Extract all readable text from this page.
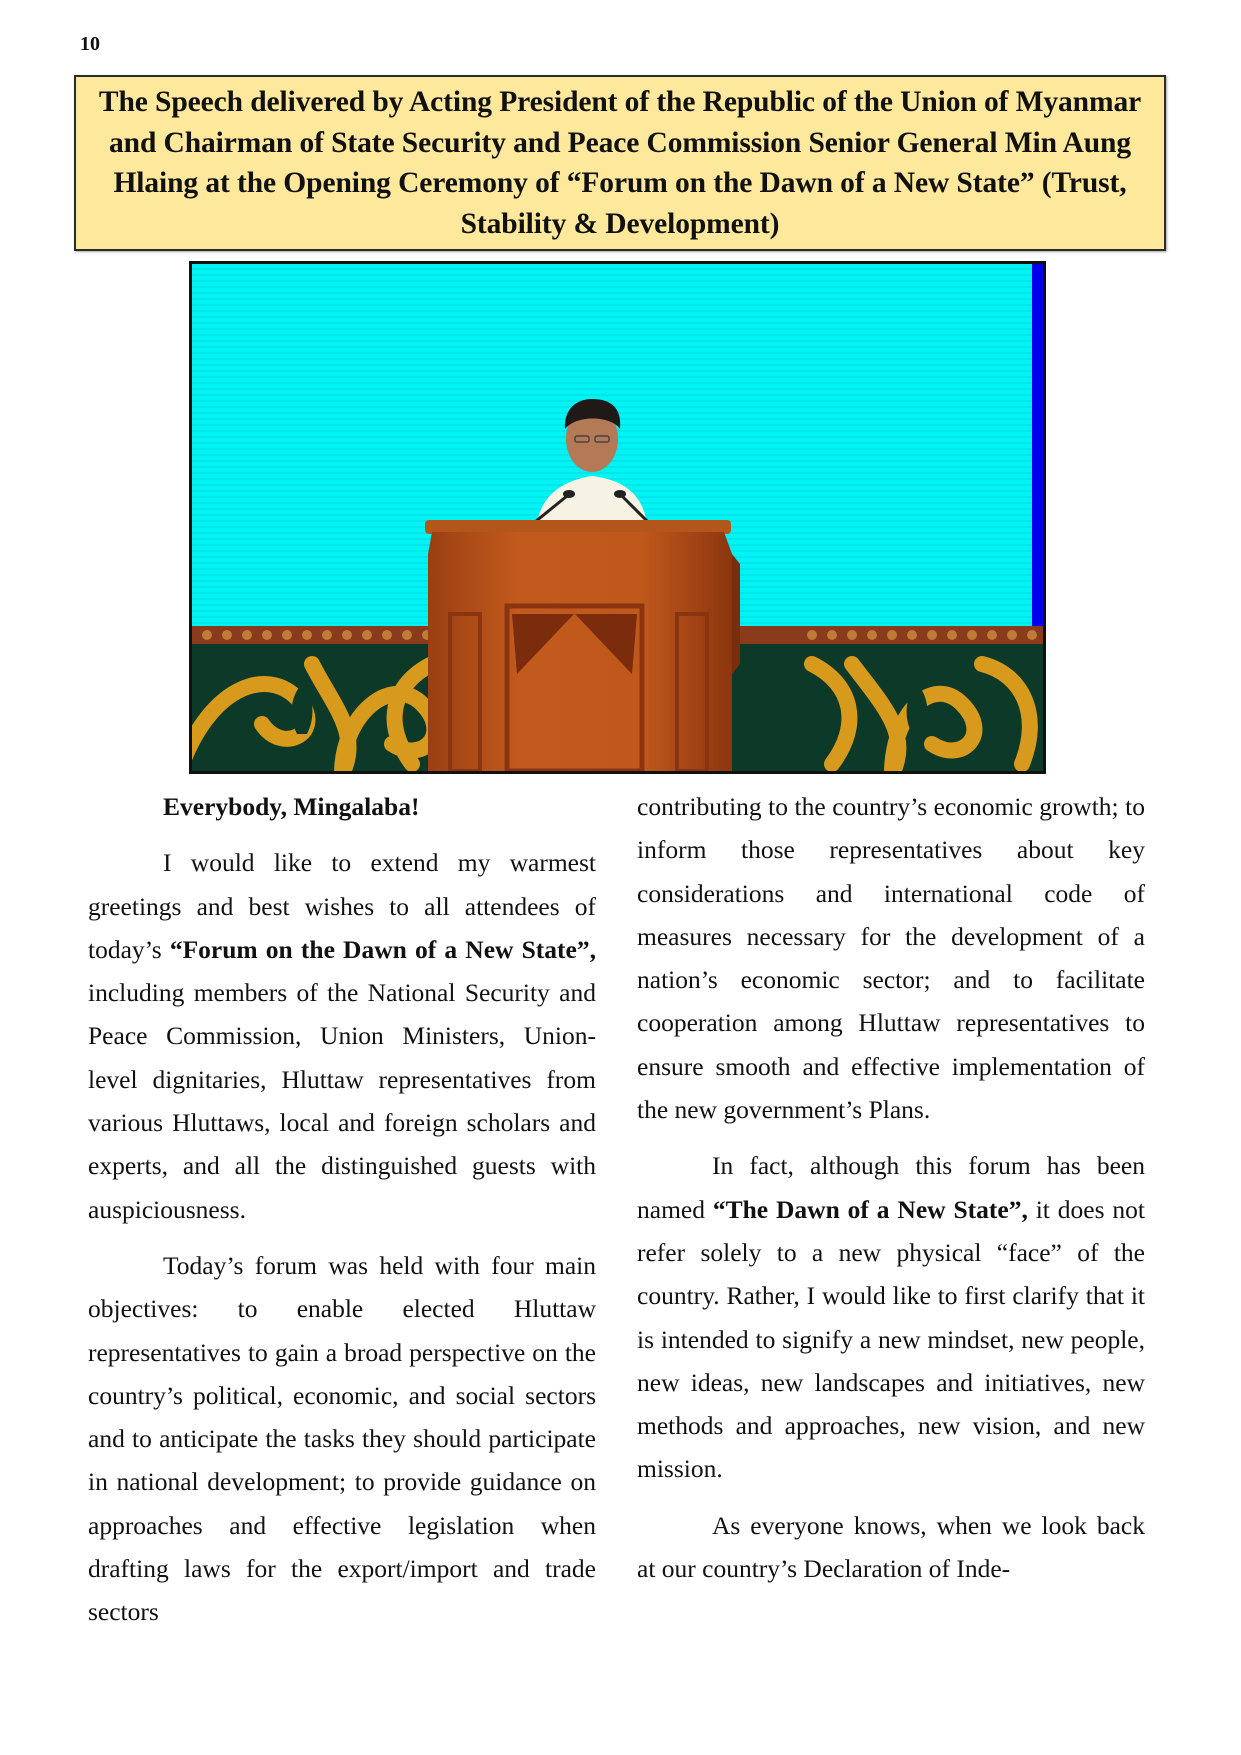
10
The Speech delivered by Acting President of the Republic of the Union of Myanmar and Chairman of State Security and Peace Commission Senior General Min Aung Hlaing at the Opening Ceremony of “Forum on the Dawn of a New State” (Trust, Stability & Development)

Everybody, Mingalaba!

I would like to extend my warmest greetings and best wishes to all attendees of today’s “Forum on the Dawn of a New State”, including members of the National Security and Peace Commission, Union Ministers, Union-level dignitaries, Hluttaw representatives from various Hluttaws, local and foreign scholars and experts, and all the distinguished guests with auspiciousness.

Today’s forum was held with four main objectives: to enable elected Hluttaw representatives to gain a broad perspective on the country’s political, economic, and social sectors and to anticipate the tasks they should participate in national development; to provide guidance on approaches and effective legislation when drafting laws for the export/import and trade sectors

contributing to the country’s economic growth; to inform those representatives about key considerations and international code of measures necessary for the development of a nation’s economic sector; and to facilitate cooperation among Hluttaw representatives to ensure smooth and effective implementation of the new government’s Plans.

In fact, although this forum has been named “The Dawn of a New State”, it does not refer solely to a new physical “face” of the country. Rather, I would like to first clarify that it is intended to signify a new mindset, new people, new ideas, new landscapes and initiatives, new methods and approaches, new vision, and new mission.

As everyone knows, when we look back at our country’s Declaration of Inde-
